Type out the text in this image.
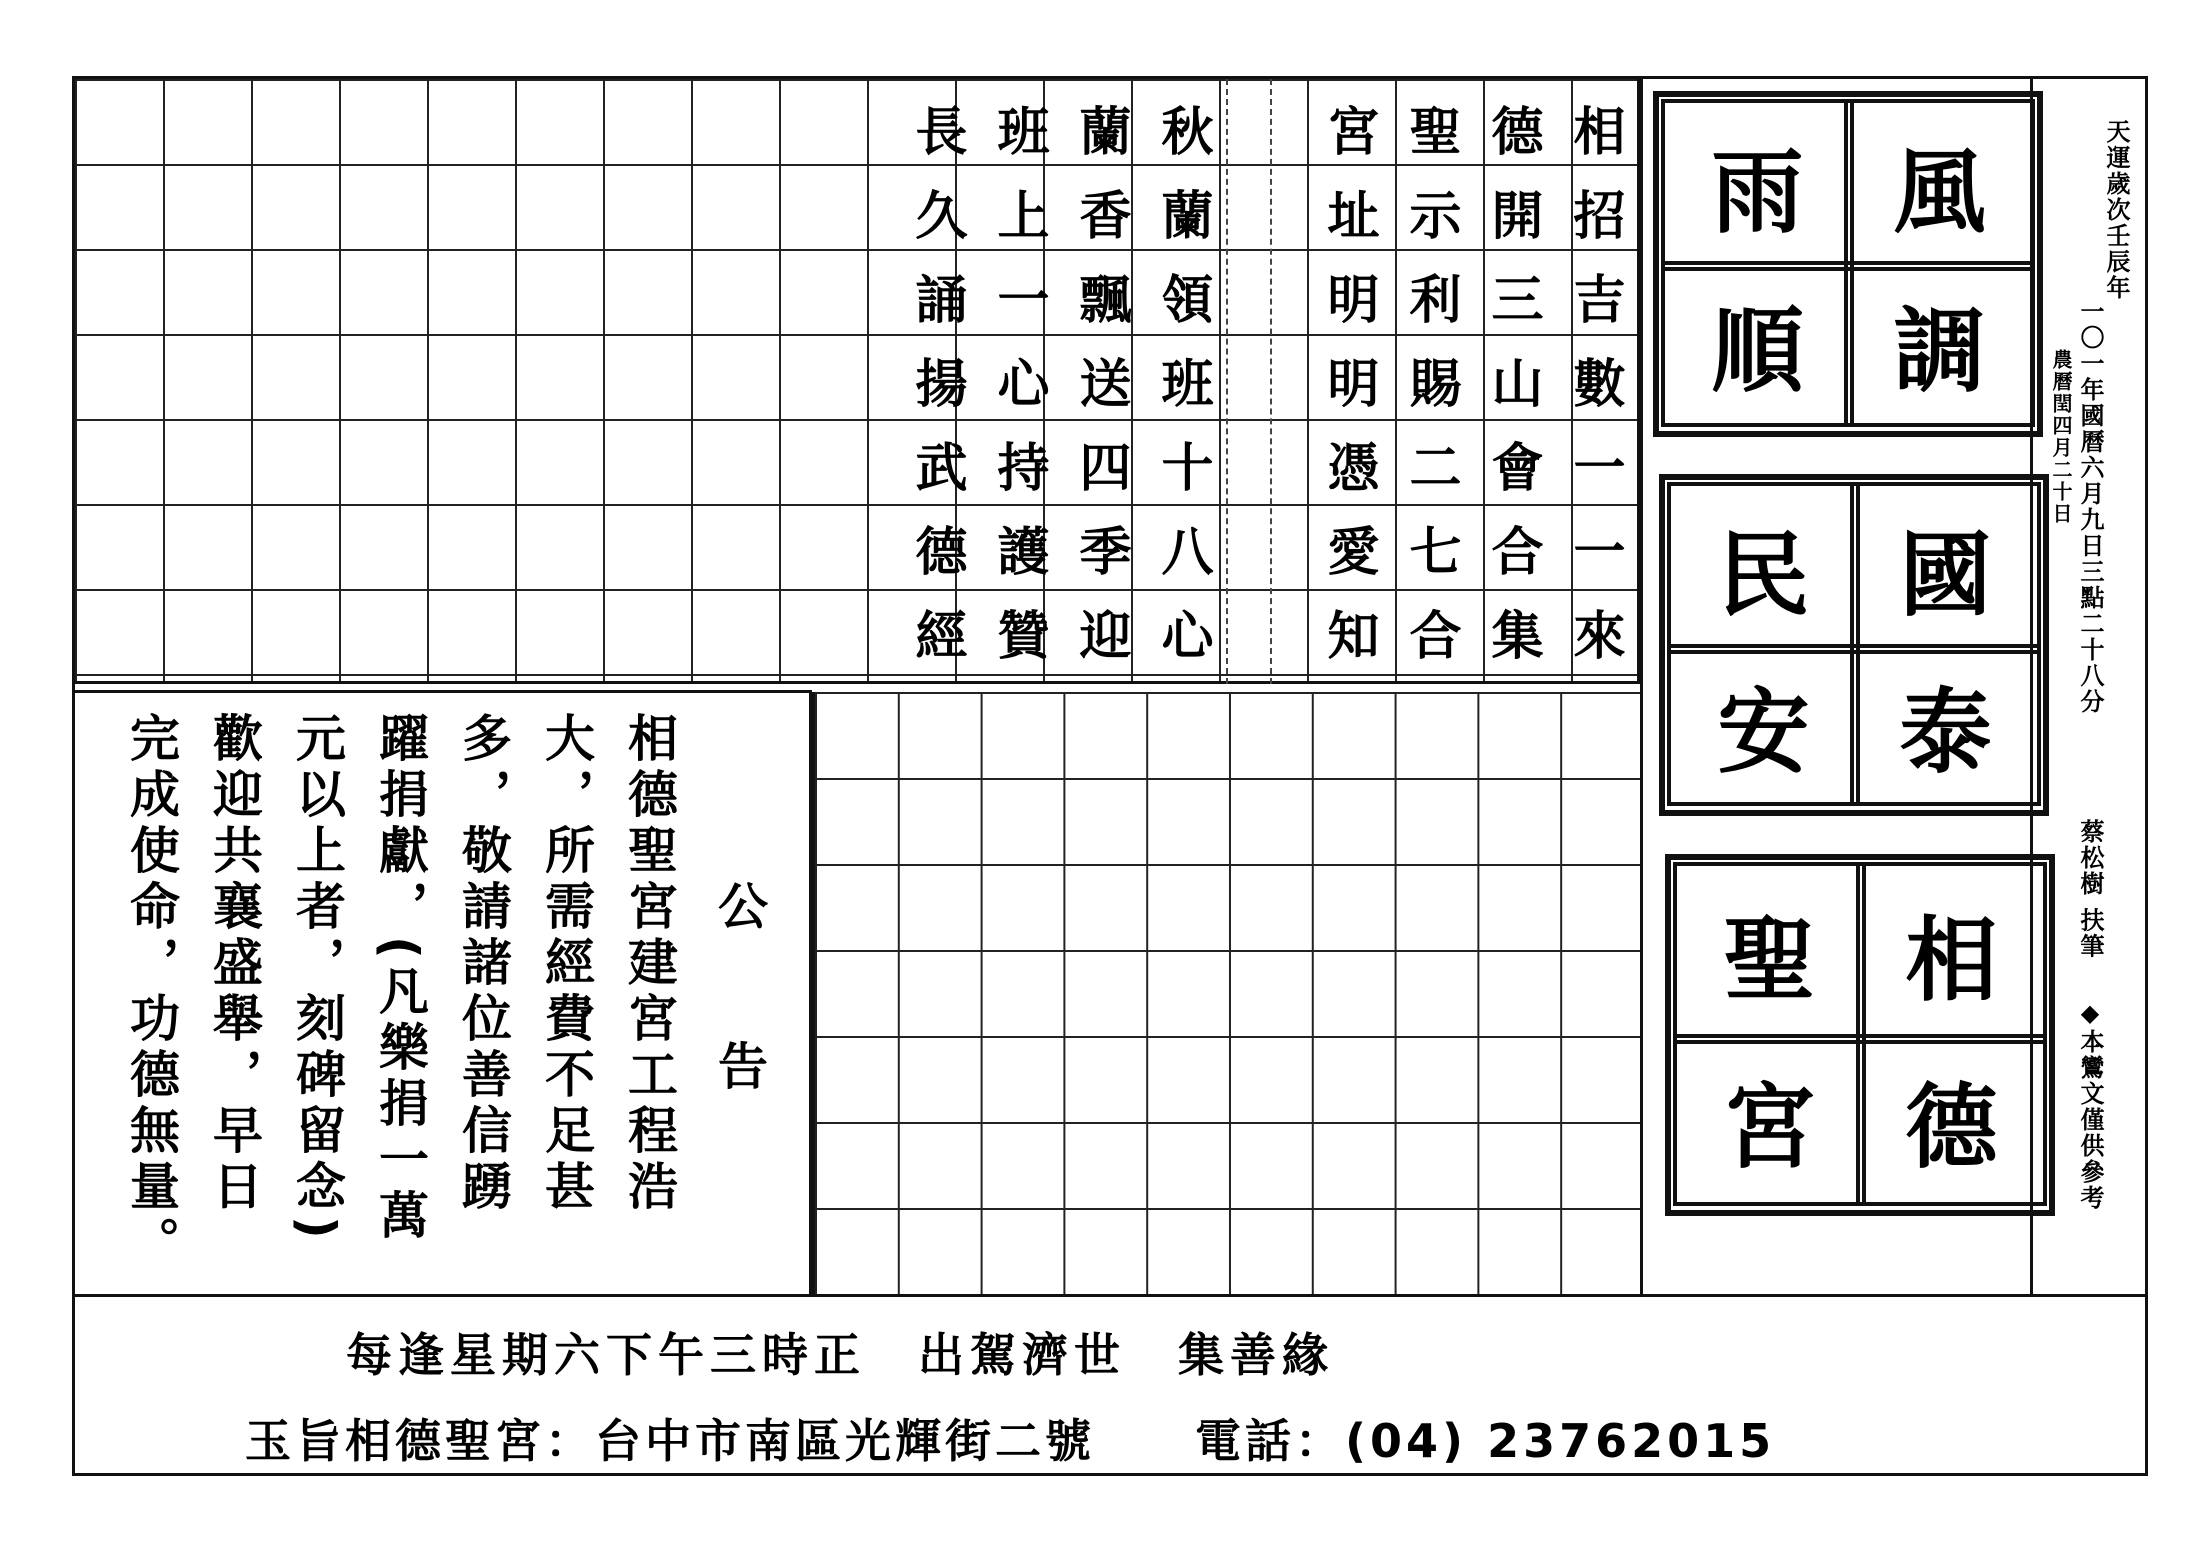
相招吉數一一來
德開三山會合集
聖示利賜二七合
宮址明明憑愛知
秋蘭領班十八心
蘭香飄送四季迎
班上一心持護贊
長久誦揚武德經
公
告
相德聖宮建宮工程浩
大，所需經費不足甚
多，敬請諸位善信踴
躍捐獻，(凡樂捐一萬
元以上者，刻碑留念)
歡迎共襄盛舉，早日
完成使命，功德無量。
風
調
雨
順
國
泰
民
安
相
德
聖
宮
天運歲次壬辰年
一〇一年國曆六月九日三點二十八分
農曆閏四月二十日
蔡松樹 扶筆
◆本鸞文僅供參考
每逢星期六下午三時正　出駕濟世　集善緣
玉旨相德聖宮：台中市南區光輝街二號　　電話：(04) 23762015
